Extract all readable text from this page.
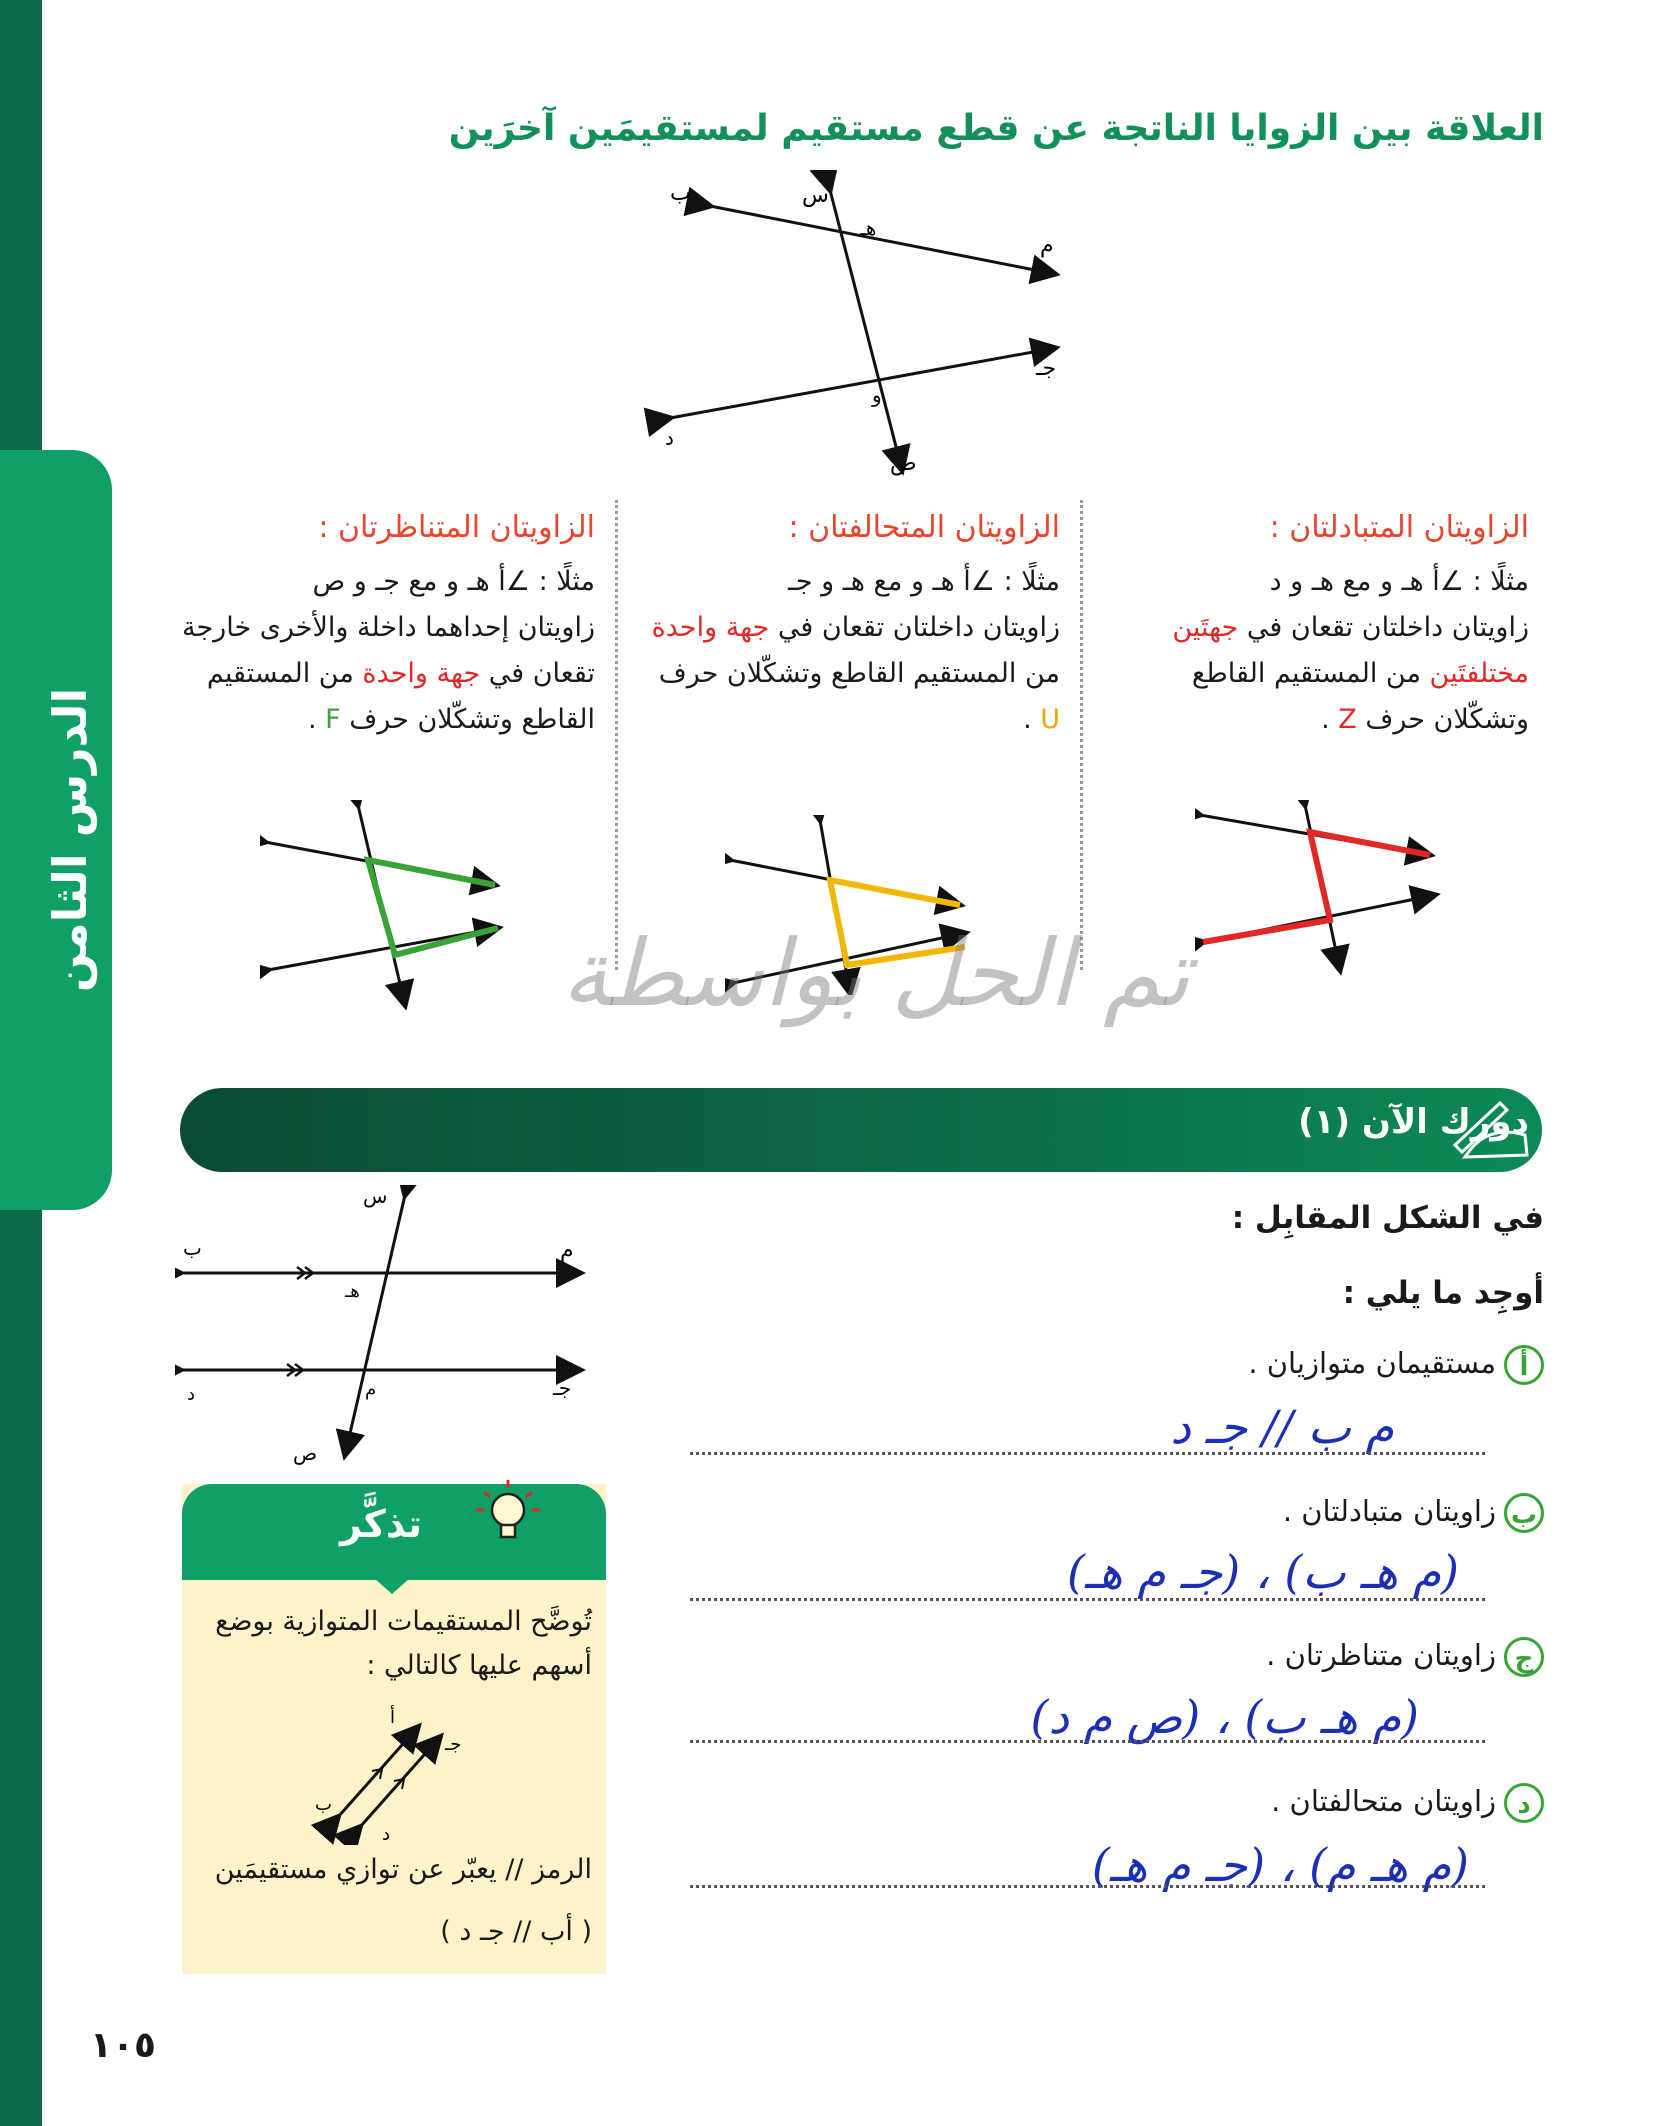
الدرس الثامن
العلاقة بين الزوايا الناتجة عن قطع مستقيم لمستقيمَين آخرَين
ب	س
هـ
م
جـ
و
د
ص
الزاويتان المتبادلتان :
مثلًا : ∠أ هـ و مع هـ و د
زاويتان داخلتان تقعان في جهتَين مختلفتَين من المستقيم القاطع وتشكّلان حرف Z .
الزاويتان المتحالفتان :
مثلًا : ∠أ هـ و مع هـ و جـ
زاويتان داخلتان تقعان في جهة واحدة من المستقيم القاطع وتشكّلان حرف U .
الزاويتان المتناظرتان :
مثلًا : ∠أ هـ و مع جـ و ص
زاويتان إحداهما داخلة والأخرى خارجة تقعان في جهة واحدة من المستقيم القاطع وتشكّلان حرف F .
تم الحل بواسطة
دورك الآن (١)
س
ب	م
هـ
د	م	جـ
ص
في الشكل المقابِل :
أوجِد ما يلي :
أمستقيمان متوازيان .
م ب // جـ د
بزاويتان متبادلتان .
(م هـ ب) ، (جـ م هـ)
جزاويتان متناظرتان .
(م هـ ب) ، (ص م د)
دزاويتان متحالفتان .
(م هـ م) ، (جـ م هـ)
تذكَّر
تُوضَّح المستقيمات المتوازية بوضع أسهم عليها كالتالي :
أ
جـ
ب
د
الرمز // يعبّر عن توازي مستقيمَين
( أب // جـ د )
١٠٥
